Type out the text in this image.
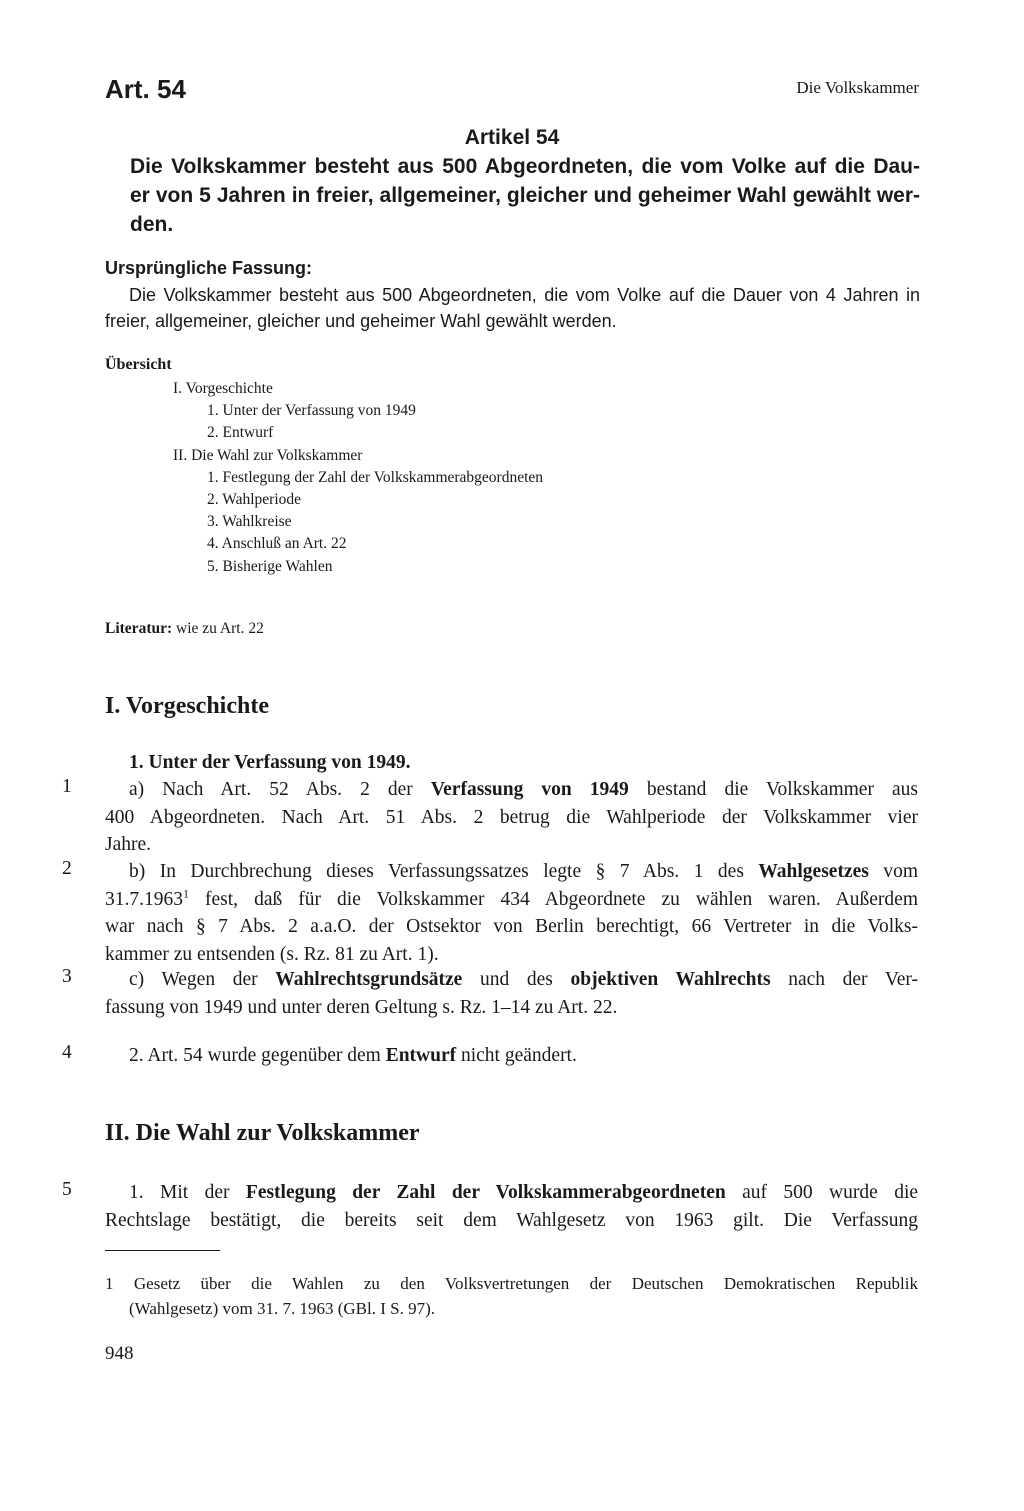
Art. 54	Die Volkskammer
Artikel 54
Die Volkskammer besteht aus 500 Abgeordneten, die vom Volke auf die Dau-
er von 5 Jahren in freier, allgemeiner, gleicher und geheimer Wahl gewählt wer-
den.
Ursprüngliche Fassung:
Die Volkskammer besteht aus 500 Abgeordneten, die vom Volke auf die Dauer von 4 Jahren in
freier, allgemeiner, gleicher und geheimer Wahl gewählt werden.
Übersicht
I. Vorgeschichte
1. Unter der Verfassung von 1949
2. Entwurf
II. Die Wahl zur Volkskammer
1. Festlegung der Zahl der Volkskammerabgeordneten
2. Wahlperiode
3. Wahlkreise
4. Anschluß an Art. 22
5. Bisherige Wahlen
Literatur: wie zu Art. 22
I. Vorgeschichte
1. Unter der Verfassung von 1949.
1	a) Nach Art. 52 Abs. 2 der Verfassung von 1949 bestand die Volkskammer aus
400 Abgeordneten. Nach Art. 51 Abs. 2 betrug die Wahlperiode der Volkskammer vier
Jahre.
2	b) In Durchbrechung dieses Verfassungssatzes legte § 7 Abs. 1 des Wahlgesetzes vom
31.7.1963$^1$ fest, daß für die Volkskammer 434 Abgeordnete zu wählen waren. Außerdem
war nach § 7 Abs. 2 a.a.O. der Ostsektor von Berlin berechtigt, 66 Vertreter in die Volks-
kammer zu entsenden (s. Rz. 81 zu Art. 1).
3	c) Wegen der Wahlrechtsgrundsätze und des objektiven Wahlrechts nach der Ver-
fassung von 1949 und unter deren Geltung s. Rz. 1–14 zu Art. 22.
4	2. Art. 54 wurde gegenüber dem Entwurf nicht geändert.
II. Die Wahl zur Volkskammer
5	1. Mit der Festlegung der Zahl der Volkskammerabgeordneten auf 500 wurde die
Rechtslage bestätigt, die bereits seit dem Wahlgesetz von 1963 gilt. Die Verfassung
1 Gesetz über die Wahlen zu den Volksvertretungen der Deutschen Demokratischen Republik
(Wahlgesetz) vom 31. 7. 1963 (GBl. I S. 97).
948
